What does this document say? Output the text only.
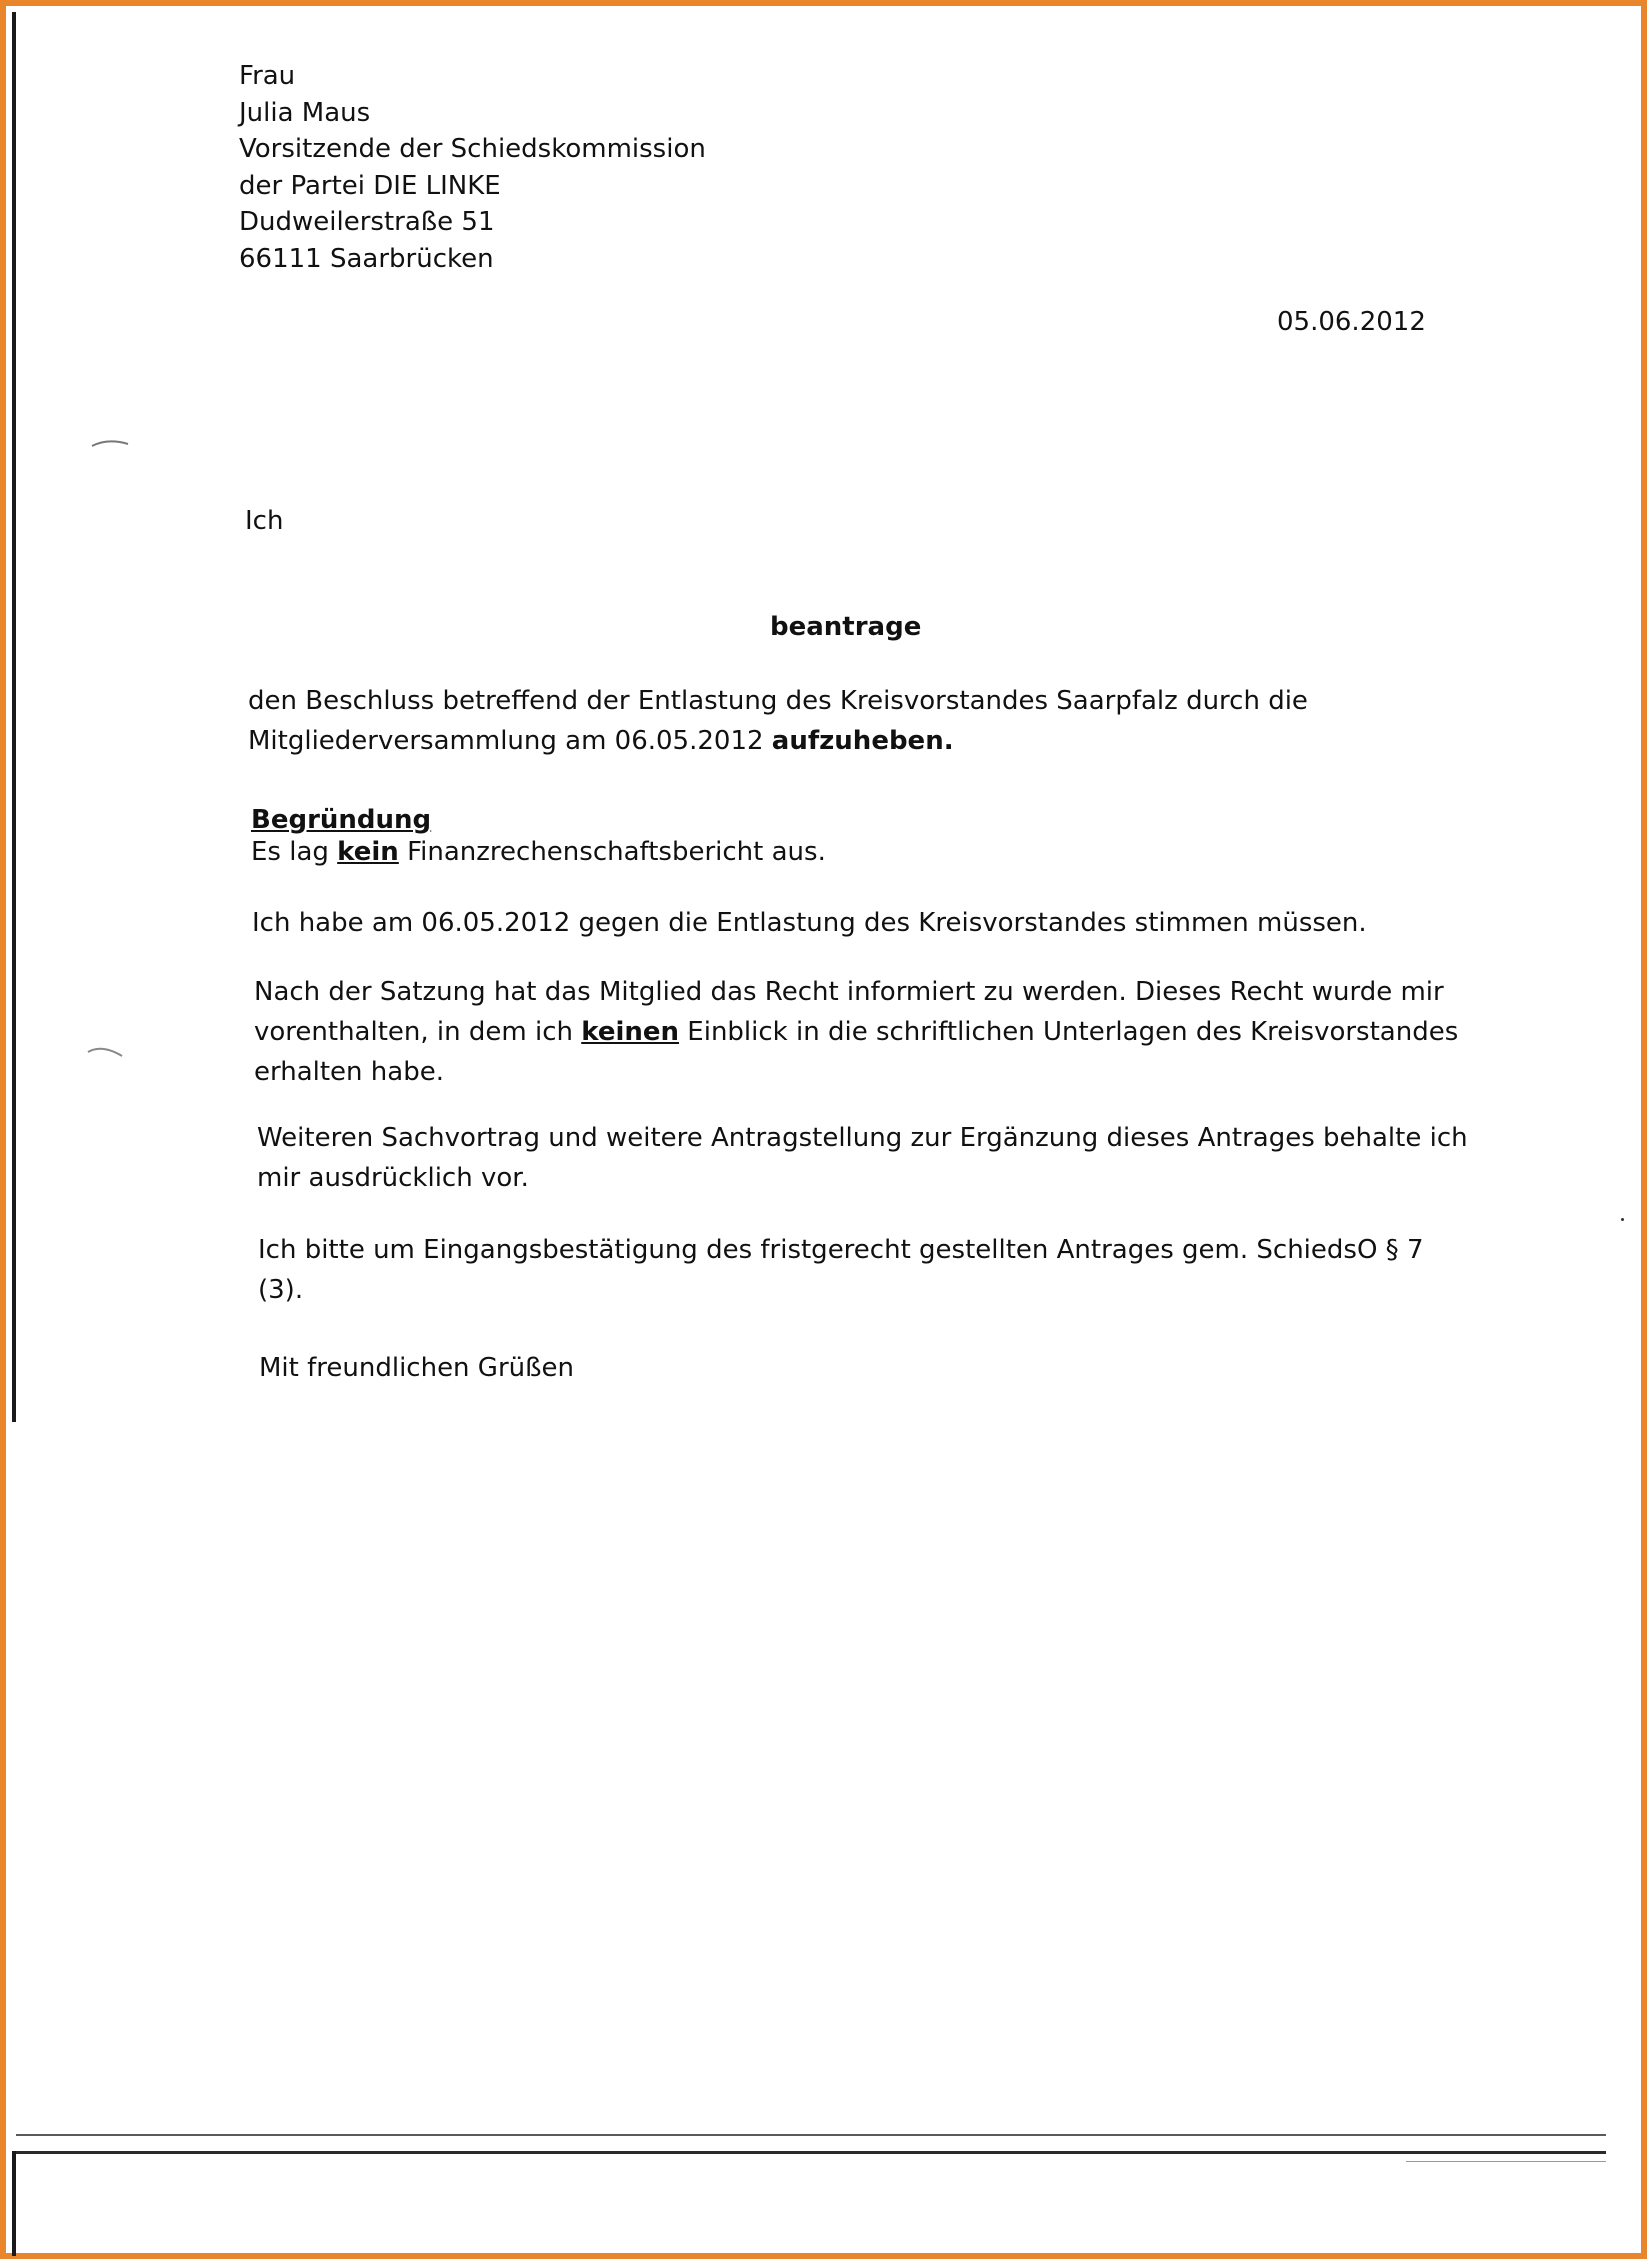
Frau
Julia Maus
Vorsitzende der Schiedskommission
der Partei DIE LINKE
Dudweilerstraße 51
66111 Saarbrücken
05.06.2012
Ich
beantrage
den Beschluss betreffend der Entlastung des Kreisvorstandes Saarpfalz durch die
Mitgliederversammlung am 06.05.2012 aufzuheben.
Begründung
Es lag kein Finanzrechenschaftsbericht aus.
Ich habe am 06.05.2012 gegen die Entlastung des Kreisvorstandes stimmen müssen.
Nach der Satzung hat das Mitglied das Recht informiert zu werden. Dieses Recht wurde mir
vorenthalten, in dem ich keinen Einblick in die schriftlichen Unterlagen des Kreisvorstandes
erhalten habe.
Weiteren Sachvortrag und weitere Antragstellung zur Ergänzung dieses Antrages behalte ich
mir ausdrücklich vor.
Ich bitte um Eingangsbestätigung des fristgerecht gestellten Antrages gem. SchiedsO § 7
(3).
Mit freundlichen Grüßen
